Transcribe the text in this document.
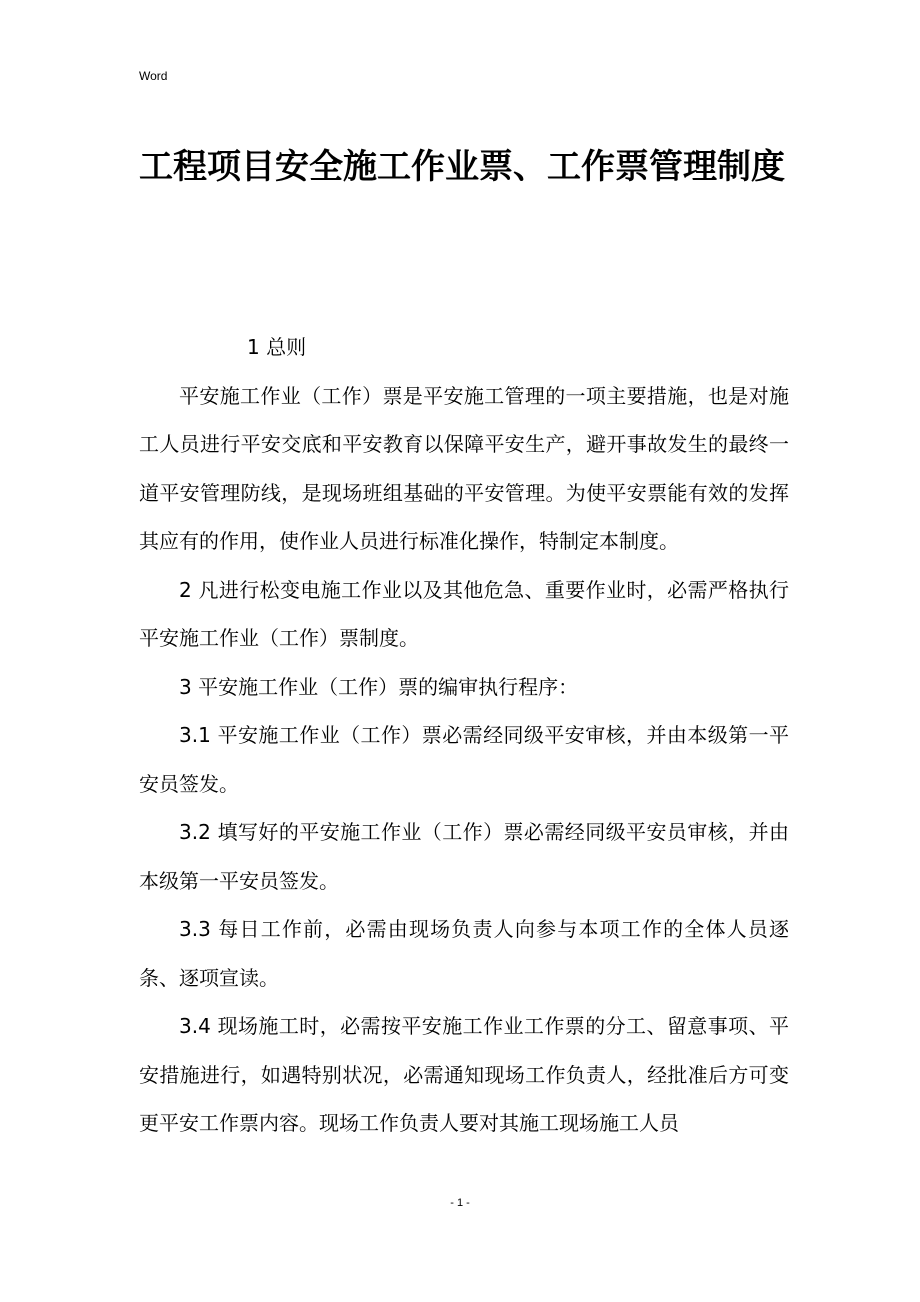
Word
工程项目安全施工作业票、工作票管理制度

1 总则

平安施工作业（工作）票是平安施工管理的一项主要措施，也是对施工人员进行平安交底和平安教育以保障平安生产，避开事故发生的最终一道平安管理防线，是现场班组基础的平安管理。为使平安票能有效的发挥其应有的作用，使作业人员进行标准化操作，特制定本制度。

2 凡进行松变电施工作业以及其他危急、重要作业时，必需严格执行平安施工作业（工作）票制度。

3 平安施工作业（工作）票的编审执行程序：

3.1 平安施工作业（工作）票必需经同级平安审核，并由本级第一平安员签发。

3.2 填写好的平安施工作业（工作）票必需经同级平安员审核，并由本级第一平安员签发。

3.3 每日工作前，必需由现场负责人向参与本项工作的全体人员逐条、逐项宣读。

3.4 现场施工时，必需按平安施工作业工作票的分工、留意事项、平安措施进行，如遇特别状况，必需通知现场工作负责人，经批准后方可变更平安工作票内容。现场工作负责人要对其施工现场施工人员

- 1 -
